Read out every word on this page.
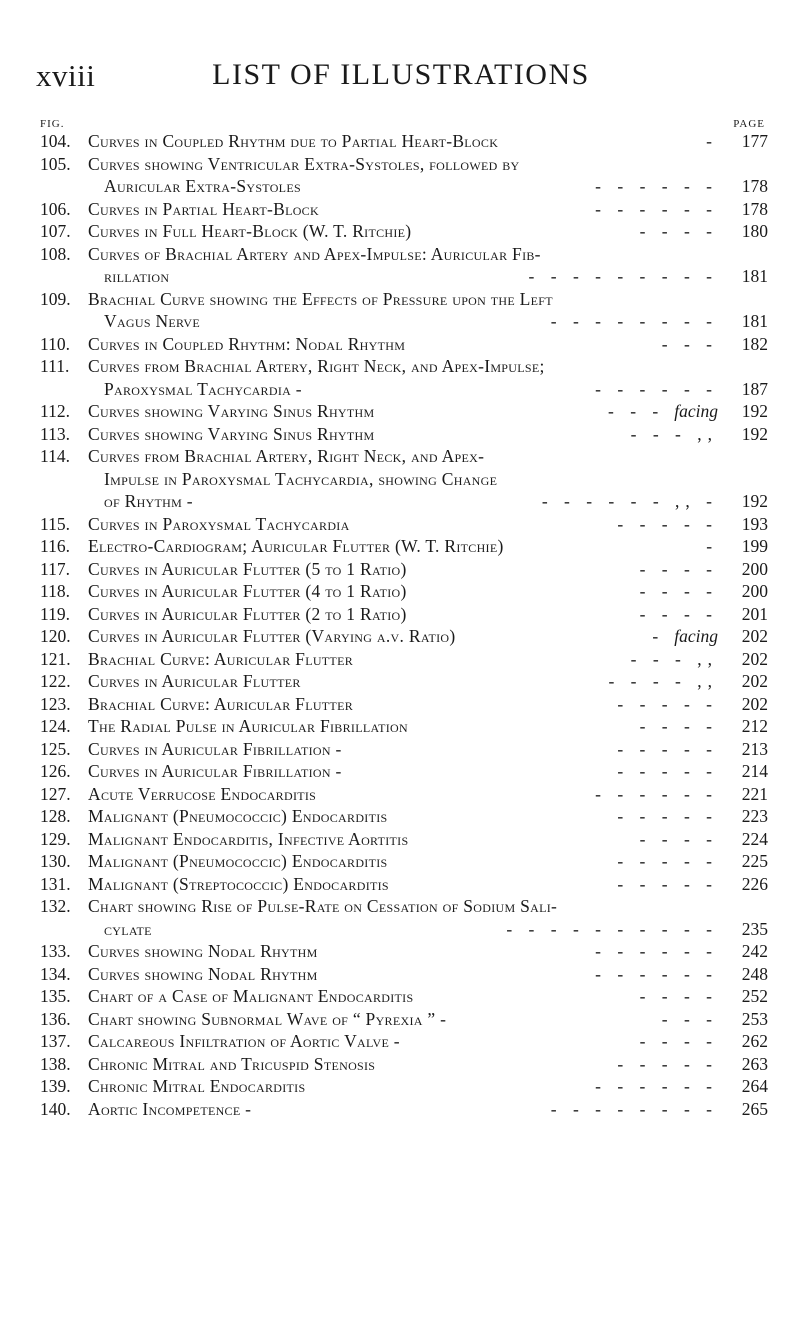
xviii	LIST OF ILLUSTRATIONS
FIG.	PAGE
104. Curves in Coupled Rhythm due to Partial Heart-Block	-	177
105. Curves showing Ventricular Extra-Systoles, followed by
Auricular Extra-Systoles	- - - - - -	178
106. Curves in Partial Heart-Block	- - - - - -	178
107. Curves in Full Heart-Block (W. T. Ritchie)	- - - -	180
108. Curves of Brachial Artery and Apex-Impulse: Auricular Fib-
rillation	- - - - - - - - -	181
109. Brachial Curve showing the Effects of Pressure upon the Left
Vagus Nerve	- - - - - - - -	181
110.	Curves in Coupled Rhythm: Nodal Rhythm	- - -	182
111.	Curves from Brachial Artery, Right Neck, and Apex-Impulse;
Paroxysmal Tachycardia -	- - - - - -	187
112.	Curves showing Varying Sinus Rhythm	- - - facing	192
113.	Curves showing Varying Sinus Rhythm	- - - ,,	192
114.	Curves from Brachial Artery, Right Neck, and Apex-
Impulse in Paroxysmal Tachycardia, showing Change
of Rhythm -	- - - - - - ,, -	192
115.	Curves in Paroxysmal Tachycardia	- - - - -	193
116.	Electro-Cardiogram; Auricular Flutter (W. T. Ritchie)	-	199
117.	Curves in Auricular Flutter (5 to 1 Ratio)	- - - -	200
118.	Curves in Auricular Flutter (4 to 1 Ratio)	- - - -	200
119.	Curves in Auricular Flutter (2 to 1 Ratio)	- - - -	201
120. Curves in Auricular Flutter (Varying a.v. Ratio)	- facing	202
121. Brachial Curve: Auricular Flutter	- - - ,,	202
122. Curves in Auricular Flutter	- - - - ,,	202
123. Brachial Curve: Auricular Flutter	- - - - -	202
124. The Radial Pulse in Auricular Fibrillation	- - - -	212
125. Curves in Auricular Fibrillation -	- - - - -	213
126. Curves in Auricular Fibrillation -	- - - - -	214
127. Acute Verrucose Endocarditis	- - - - - -	221
128. Malignant (Pneumococcic) Endocarditis	- - - - -	223
129. Malignant Endocarditis, Infective Aortitis	- - - -	224
130. Malignant (Pneumococcic) Endocarditis	- - - - -	225
131. Malignant (Streptococcic) Endocarditis	- - - - -	226
132. Chart showing Rise of Pulse-Rate on Cessation of Sodium Sali-
cylate	- - - - - - - - - -	235
133. Curves showing Nodal Rhythm	- - - - - -	242
134. Curves showing Nodal Rhythm	- - - - - -	248
135. Chart of a Case of Malignant Endocarditis	- - - -	252
136. Chart showing Subnormal Wave of “ Pyrexia ” -	- - -	253
137. Calcareous Infiltration of Aortic Valve -	- - - -	262
138. Chronic Mitral and Tricuspid Stenosis	- - - - -	263
139. Chronic Mitral Endocarditis	- - - - - -	264
140. Aortic Incompetence -	- - - - - - - -	265
